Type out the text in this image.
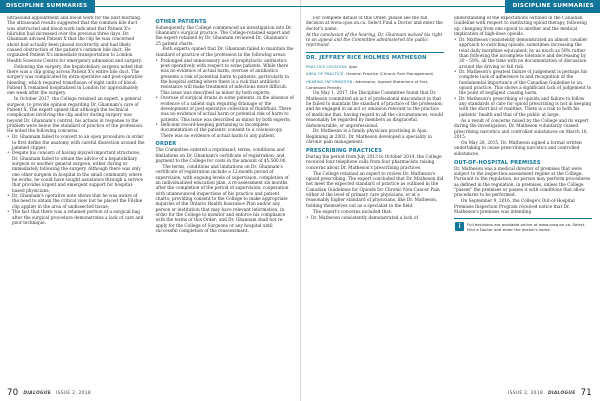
DISCIPLINE SUMMARIES

ultrasound appointment and blood work for the next morning. The ultrasound results suggested that the common bile duct was obstructed and blood work indicated that Patient X's bilirubin had increased over the previous three days. Dr. Ghannam advised Patient X that the clip he was concerned about had actually been placed incorrectly and had likely caused obstruction of the patient's common bile duct. He organized Patient X's immediate transportation to London Health Sciences Centre for emergency admission and surgery.

Following the surgery, the hepatobiliary surgeon noted that there was a clip going across Patient X's entire bile duct. The surgery was complicated by intra-operative and post-operative bleeding, which required transfusion of eight units of blood. Patient X remained hospitalized in London for approximately one week after the surgery.

In October 2017, the College retained an expert, a general surgeon, to provide opinion regarding Dr. Ghannam's care of Patient X. The expert opined that although the technical complication involving the clip and/or during surgery was beyond Dr. Ghannam's control, his actions in response to the problem were below the standard of practice of the profession. He noted the following concerns:

• Dr. Ghannam failed to convert to an open procedure in order to first define the anatomy with careful dissection around the jammed clipper;
• Despite his concern of having injured important structures, Dr. Ghannam failed to obtain the advice of a hepatobiliary surgeon or another general surgeon, either during or immediately following the surgery. Although there was only one other surgeon in hospital in the small community where he works, he could have sought assistance through a service that provides urgent and emergent support for hospital-based physicians;
• Dr. Ghannam's operative note shows that he was aware of the need to obtain the critical view but he placed the Filshie clip applier in the area of undissected tissue;
• The fact that there was a retained portion of a surgical bag after the surgical procedure demonstrates a lack of care and poor technique.
OTHER PATIENTS

Subsequently, the College commenced an investigation into Dr. Ghannam's surgical practice. The College-retained expert and the expert retained by Dr. Ghannam reviewed Dr. Ghannam's 25 patient charts.

Both experts opined that Dr. Ghannam failed to maintain the standard of practice of the profession in the following areas:

• Prolonged and unnecessary use of prophylactic antibiotics post-operatively with respect to some patients. While there was no evidence of actual harm, overuse of antibiotics presents a risk of potential harm to patients, particularly in the hospital setting where there is a risk that antibiotic resistance will make treatment of infections more difficult. This issue was described as minor by both experts;
• Overuse of surgical drains in some patients, in the absence of evidence of a salient sign requiring drainage or the development of post-operative collection of fluid/fluid. There was no evidence of actual harm or potential risk of harm to patients. This issue was described as minor by both experts;
• Deficient record-keeping pertaining to incomplete documentation of the patients' consent to a colonoscopy. There was no evidence of actual harm to any patient.
ORDER

The Committee ordered a reprimand; terms, conditions and limitations on Dr. Ghannam's certificate of registration; and payment to the College for costs in the amount of $5,500.00.

The terms, conditions and limitations on Dr. Ghannam's certificate of registration include a 12-month period of supervision, with ongoing levels of supervision, completion of an individualized education plan, a re-assessment six months after the completion of the period of supervision, cooperation with unannounced inspections of his practice and patient charts; providing consent to the College to make appropriate inquiries of the Ontario Health Insurance Plan and/or any person or institution that may have relevant information, in order for the College to monitor and enforce his compliance with the terms of this Order; and Dr. Ghannam shall not re-apply for the College of Surgeons or any hospital until successful completion of the reassessment.

70 DIALOGUE ISSUE 2, 2018
DISCIPLINE SUMMARIES

For complete details of this Order, please see the full decision at www.cpso.on.ca. Select Find a Doctor and enter the doctor's name.

At the conclusion of the hearing, Dr. Ghannam waived his right to an appeal and the Committee administered the public reprimand.

DR. JEFFREY RICE HOLMES MATHESON
PRACTICE LOCATION: Ajax
AREA OF PRACTICE: General Practice (Chronic Pain Management)
HEARING INFORMATION: Admission, Agreed Statement of Fact, Contested Penalty

On May 1, 2017, the Discipline Committee found that Dr. Matheson committed an act of professional misconduct in that he failed to maintain the standard of practice of the profession; and he engaged in an act or omission relevant to the practice of medicine that, having regard to all the circumstances, would reasonably be regarded by members as disgraceful, dishonourable, or unprofessional.

Dr. Matheson is a family physician practising in Ajax. Beginning in 2002, Dr. Matheson developed a speciality in chronic pain management.

PRESCRIBING PRACTICES

During the period from July 2013 to October 2014, the College received four telephone calls from four pharmacists raising concerns about Dr. Matheson's prescribing practices.

The College retained an expert to review Dr. Matheson's opioid prescribing. The expert concluded that Dr. Matheson did not meet the expected standard of practice as outlined in the Canadian Guidelines for Opioids for Chronic Non-Cancer Pain either at the level of primary care physicians, or at a reasonably higher standard of physicians, like Dr. Matheson, holding themselves out as a specialist in the field.

The expert's concerns included that:

• Dr. Matheson consistently demonstrated a lack of

understanding of the expectations outlined in the Canadian Guideline with respect to instituting opioid therapy, following up, changing from one opioid to another and the medical implication of high-dose opioids.

• Dr. Matheson consistently demonstrated an almost cavalier approach to switching opioids, sometimes increasing the total daily morphine equivalent, by as much as 50% rather than following the incomplete tolerance and decreasing by 30 – 50%, all the time with no documentation of discussion around the driving or fall risk.
• Dr. Matheson's greatest failure of judgement is perhaps his complete lack of adherence to and recognition of the fundamental importance of the Canadian Guideline to an opioid practice. This shows a significant lack of judgement to the point of negligent causing harm.
• Dr. Matheson's prescribing of opioids and failure to follow any standards of care for opioid prescribing is not in keeping with the short list of realities. There is a risk to both his patients' health and that of the public at large.

As a result of concerns raised by the College and its expert during the investigation, Dr. Matheson voluntarily ceased prescribing narcotics and controlled substances on March 16, 2015.

On May 28, 2015, Dr. Matheson signed a formal written undertaking to cease prescribing narcotics and controlled substances.

OUT-OF-HOSPITAL PREMISES

Dr. Matheson was a medical director of premises that were subject to the inspection-assessment regime at the College. Pursuant to the regulation, no person may perform procedures as defined in the regulation, in premises, unless the College "passes" the premises or passes it with conditions that allow procedures to be performed.

On September 9, 2016, the College's Out-of-Hospital Premises Inspection Program received notice that Dr. Matheson's premises was intending

i	Full decisions are available online at www.cpso.on.ca. Select Find a Doctor and enter the doctor's name.
ISSUE 2, 2018 DIALOGUE 71
